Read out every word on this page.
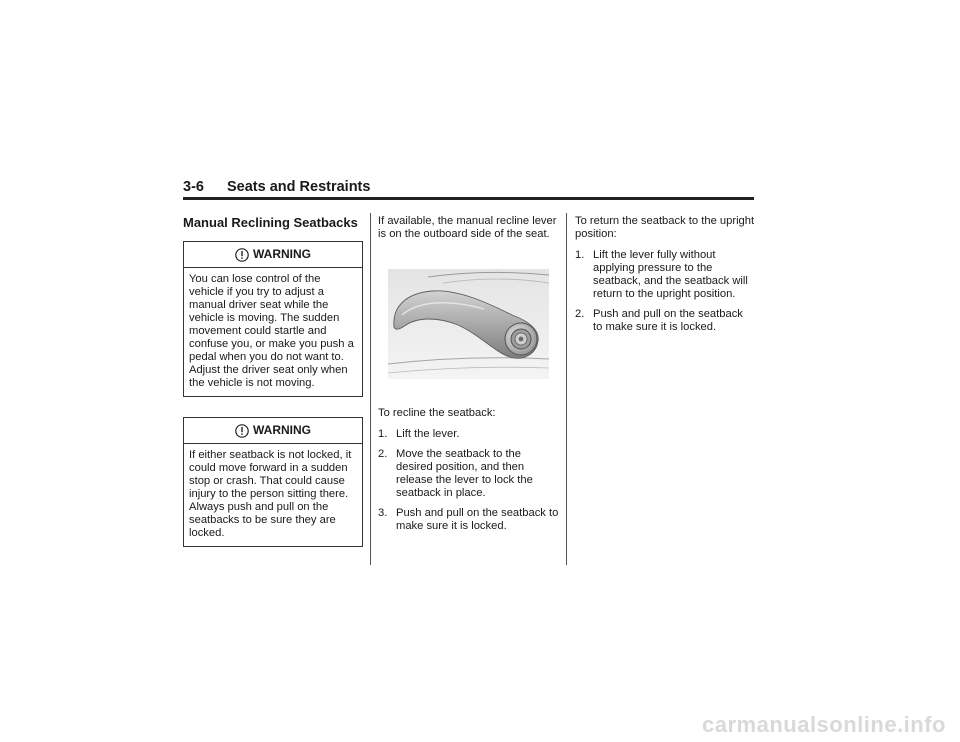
3-6 Seats and Restraints
Manual Reclining Seatbacks
WARNING
You can lose control of the vehicle if you try to adjust a manual driver seat while the vehicle is moving. The sudden movement could startle and confuse you, or make you push a pedal when you do not want to. Adjust the driver seat only when the vehicle is not moving.
WARNING
If either seatback is not locked, it could move forward in a sudden stop or crash. That could cause injury to the person sitting there. Always push and pull on the seatbacks to be sure they are locked.

If available, the manual recline lever is on the outboard side of the seat.

To recline the seatback:

1. Lift the lever.
2. Move the seatback to the desired position, and then release the lever to lock the seatback in place.
3. Push and pull on the seatback to make sure it is locked.

To return the seatback to the upright position:

1. Lift the lever fully without applying pressure to the seatback, and the seatback will return to the upright position.
2. Push and pull on the seatback to make sure it is locked.
carmanualsonline.info
